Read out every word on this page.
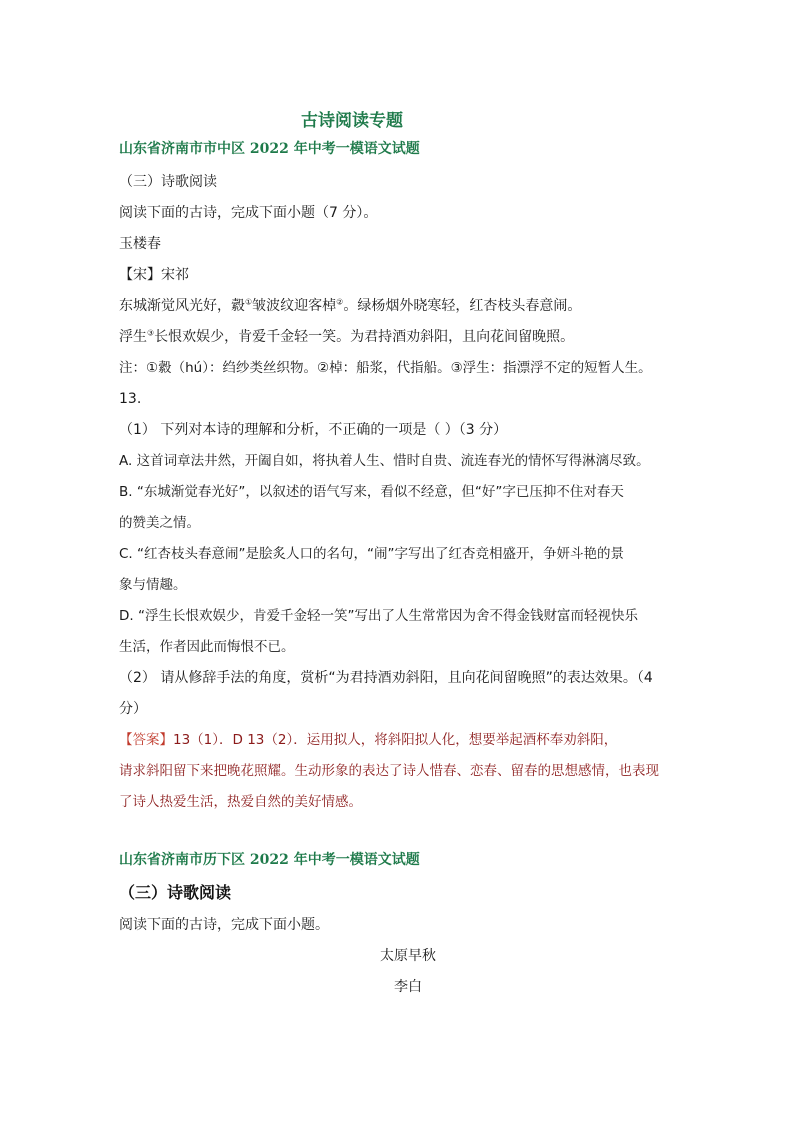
古诗阅读专题
山东省济南市市中区 2022 年中考一模语文试题
（三）诗歌阅读
阅读下面的古诗，完成下面小题（7 分）。
玉楼春
【宋】宋祁
东城渐觉风光好，縠①皱波纹迎客棹②。绿杨烟外晓寒轻，红杏枝头春意闹。
浮生③长恨欢娱少，肯爱千金轻一笑。为君持酒劝斜阳，且向花间留晚照。
注：①縠（hú）：绉纱类丝织物。②棹：船浆，代指船。③浮生：指漂浮不定的短暂人生。
13.
（1） 下列对本诗的理解和分析，不正确的一项是（ ）（3 分）
A. 这首词章法井然，开阖自如，将执着人生、惜时自贵、流连春光的情怀写得淋漓尽致。
B. “东城渐觉春光好”，以叙述的语气写来，看似不经意，但“好”字已压抑不住对春天
的赞美之情。
C. “红杏枝头春意闹”是脍炙人口的名句，“闹”字写出了红杏竞相盛开，争妍斗艳的景
象与情趣。
D. “浮生长恨欢娱少，肯爱千金轻一笑”写出了人生常常因为舍不得金钱财富而轻视快乐
生活，作者因此而悔恨不已。
（2） 请从修辞手法的角度，赏析“为君持酒劝斜阳，且向花间留晚照”的表达效果。（4
分）
【答案】13（1）．D 13（2）．运用拟人，将斜阳拟人化，想要举起酒杯奉劝斜阳，
请求斜阳留下来把晚花照耀。生动形象的表达了诗人惜春、恋春、留春的思想感情，也表现
了诗人热爱生活，热爱自然的美好情感。
山东省济南市历下区 2022 年中考一模语文试题
（三）诗歌阅读
阅读下面的古诗，完成下面小题。
太原早秋
李白
